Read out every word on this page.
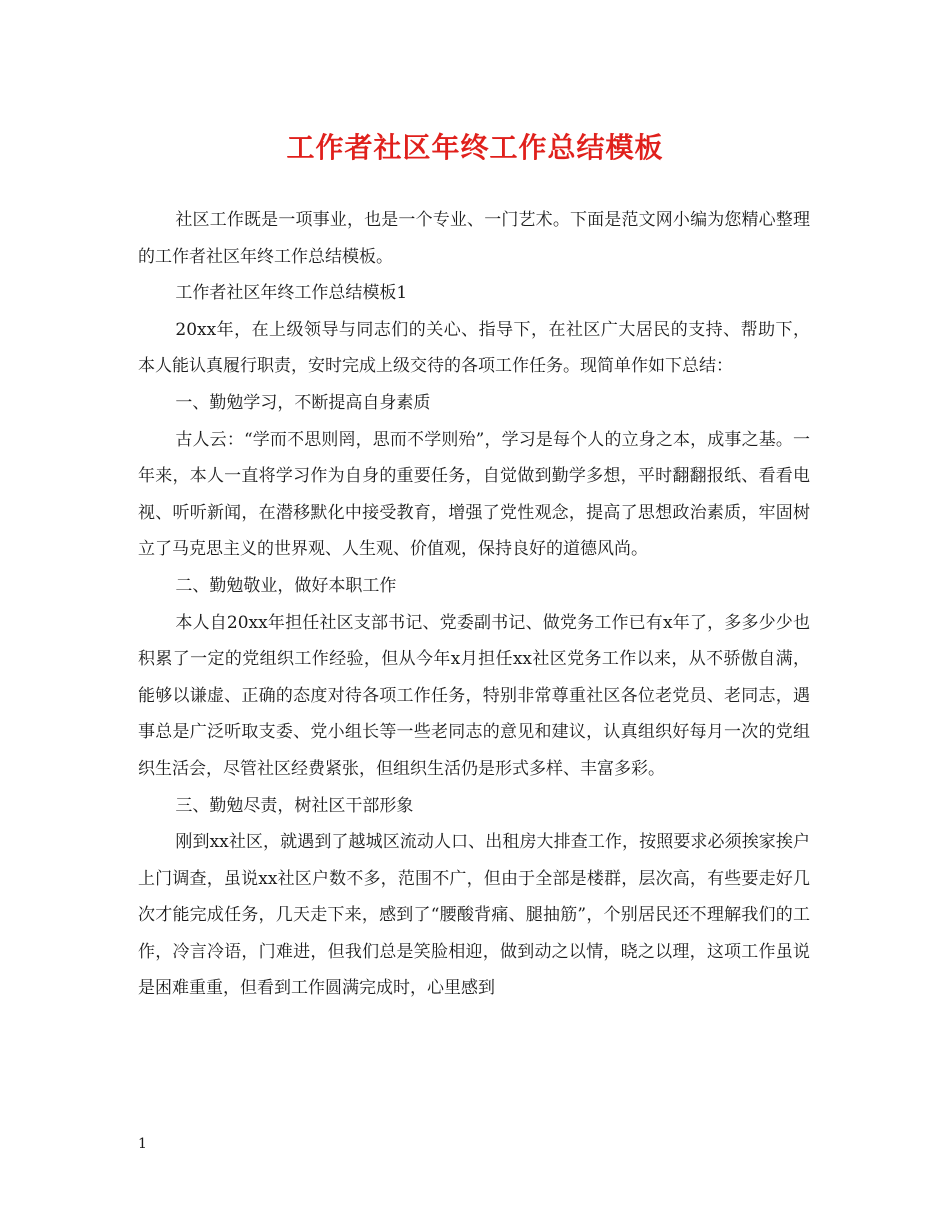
工作者社区年终工作总结模板

社区工作既是一项事业，也是一个专业、一门艺术。下面是范文网小编为您精心整理的工作者社区年终工作总结模板。

工作者社区年终工作总结模板1

20xx年，在上级领导与同志们的关心、指导下，在社区广大居民的支持、帮助下，本人能认真履行职责，安时完成上级交待的各项工作任务。现简单作如下总结：

一、勤勉学习，不断提高自身素质

古人云：“学而不思则罔，思而不学则殆”，学习是每个人的立身之本，成事之基。一年来，本人一直将学习作为自身的重要任务，自觉做到勤学多想，平时翻翻报纸、看看电视、听听新闻，在潜移默化中接受教育，增强了党性观念，提高了思想政治素质，牢固树立了马克思主义的世界观、人生观、价值观，保持良好的道德风尚。

二、勤勉敬业，做好本职工作

本人自20xx年担任社区支部书记、党委副书记、做党务工作已有x年了，多多少少也积累了一定的党组织工作经验，但从今年x月担任xx社区党务工作以来，从不骄傲自满，能够以谦虚、正确的态度对待各项工作任务，特别非常尊重社区各位老党员、老同志，遇事总是广泛听取支委、党小组长等一些老同志的意见和建议，认真组织好每月一次的党组织生活会，尽管社区经费紧张，但组织生活仍是形式多样、丰富多彩。

三、勤勉尽责，树社区干部形象

刚到xx社区，就遇到了越城区流动人口、出租房大排查工作，按照要求必须挨家挨户上门调查，虽说xx社区户数不多，范围不广，但由于全部是楼群，层次高，有些要走好几次才能完成任务，几天走下来，感到了“腰酸背痛、腿抽筋”，个别居民还不理解我们的工作，冷言冷语，门难进，但我们总是笑脸相迎，做到动之以情，晓之以理，这项工作虽说是困难重重，但看到工作圆满完成时，心里感到

1
